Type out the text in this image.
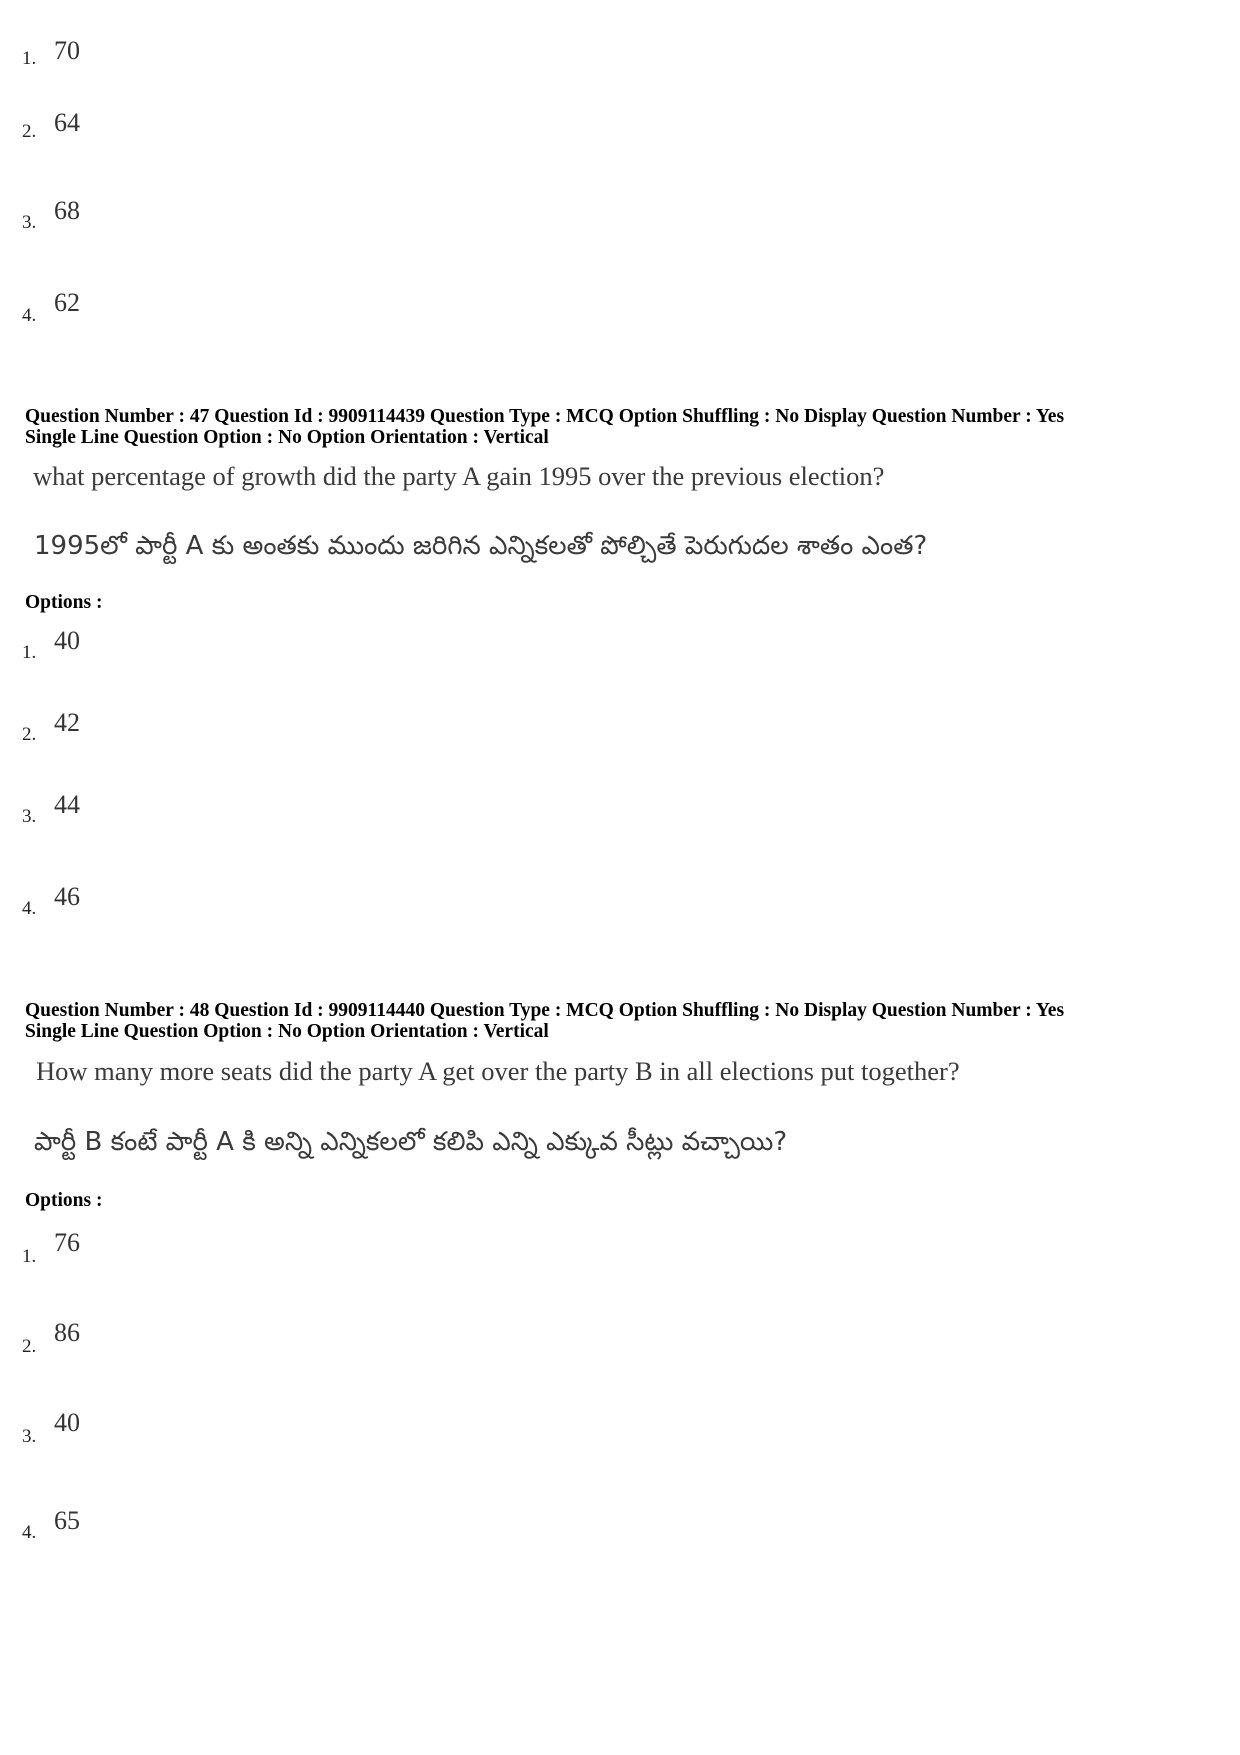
1. 70
2. 64
3. 68
4. 62
Question Number : 47 Question Id : 9909114439 Question Type : MCQ Option Shuffling : No Display Question Number : Yes
Single Line Question Option : No Option Orientation : Vertical
what percentage of growth did the party A gain 1995 over the previous election?
1995లో పార్టీ A కు అంతకు ముందు జరిగిన ఎన్నికలతో పోల్చితే పెరుగుదల శాతం ఎంత?
Options :
1. 40
2. 42
3. 44
4. 46
Question Number : 48 Question Id : 9909114440 Question Type : MCQ Option Shuffling : No Display Question Number : Yes
Single Line Question Option : No Option Orientation : Vertical
How many more seats did the party A get over the party B in all elections put together?
పార్టీ B కంటే పార్టీ A కి అన్ని ఎన్నికలలో కలిపి ఎన్ని ఎక్కువ సీట్లు వచ్చాయి?
Options :
1. 76
2. 86
3. 40
4. 65
